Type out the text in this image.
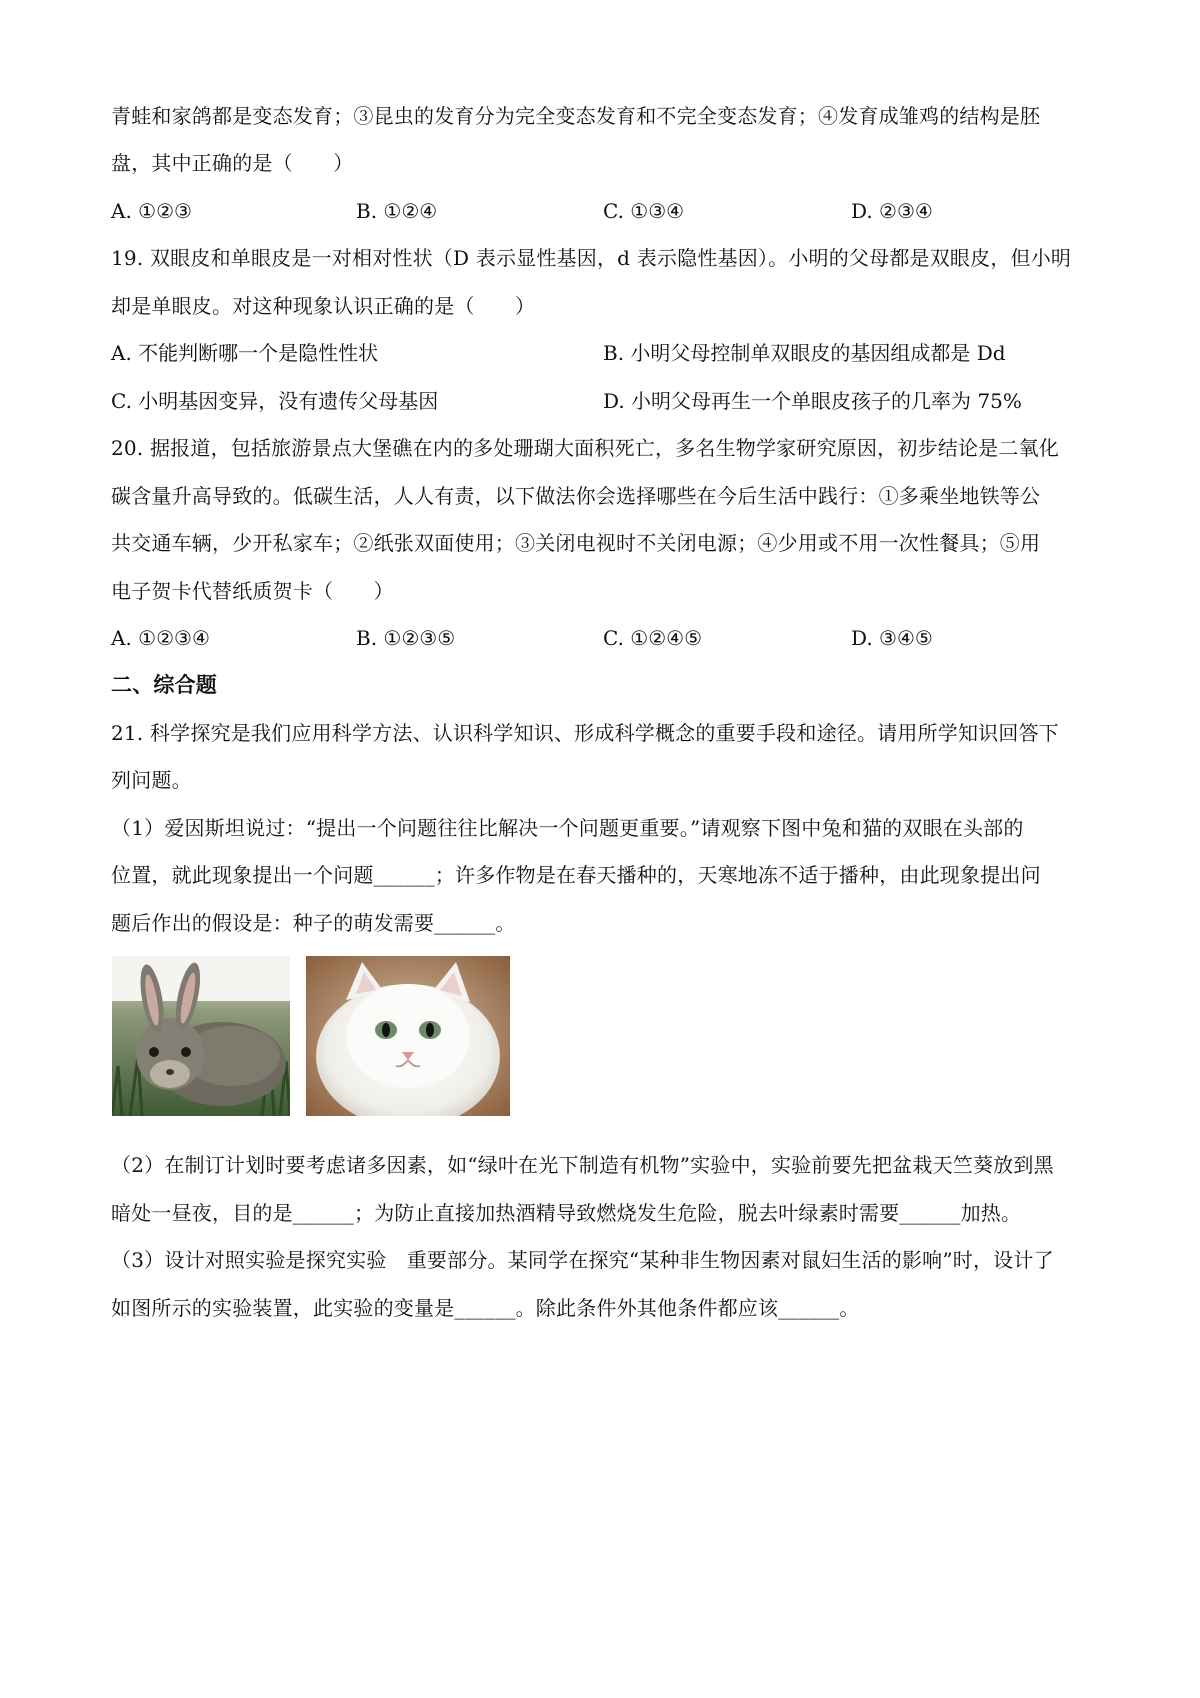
青蛙和家鸽都是变态发育；③昆虫的发育分为完全变态发育和不完全变态发育；④发育成雏鸡的结构是胚
盘，其中正确的是（　　）
A. ①②③	B. ①②④	C. ①③④	D. ②③④
19. 双眼皮和单眼皮是一对相对性状（D 表示显性基因，d 表示隐性基因）。小明的父母都是双眼皮，但小明
却是单眼皮。对这种现象认识正确的是（　　）
A. 不能判断哪一个是隐性性状	B. 小明父母控制单双眼皮的基因组成都是 Dd
C. 小明基因变异，没有遗传父母基因	D. 小明父母再生一个单眼皮孩子的几率为 75%
20. 据报道，包括旅游景点大堡礁在内的多处珊瑚大面积死亡，多名生物学家研究原因，初步结论是二氧化
碳含量升高导致的。低碳生活，人人有责，以下做法你会选择哪些在今后生活中践行：①多乘坐地铁等公
共交通车辆，少开私家车；②纸张双面使用；③关闭电视时不关闭电源；④少用或不用一次性餐具；⑤用
电子贺卡代替纸质贺卡（　　）
A. ①②③④	B. ①②③⑤	C. ①②④⑤	D. ③④⑤
二、综合题
21. 科学探究是我们应用科学方法、认识科学知识、形成科学概念的重要手段和途径。请用所学知识回答下
列问题。
（1）爱因斯坦说过：“提出一个问题往往比解决一个问题更重要。”请观察下图中兔和猫的双眼在头部的
位置，就此现象提出一个问题______；许多作物是在春天播种的，天寒地冻不适于播种，由此现象提出问
题后作出的假设是：种子的萌发需要______。
（2）在制订计划时要考虑诸多因素，如“绿叶在光下制造有机物”实验中，实验前要先把盆栽天竺葵放到黑
暗处一昼夜，目的是______；为防止直接加热酒精导致燃烧发生危险，脱去叶绿素时需要______加热。
（3）设计对照实验是探究实验　重要部分。某同学在探究“某种非生物因素对鼠妇生活的影响”时，设计了
如图所示的实验装置，此实验的变量是______。除此条件外其他条件都应该______。
